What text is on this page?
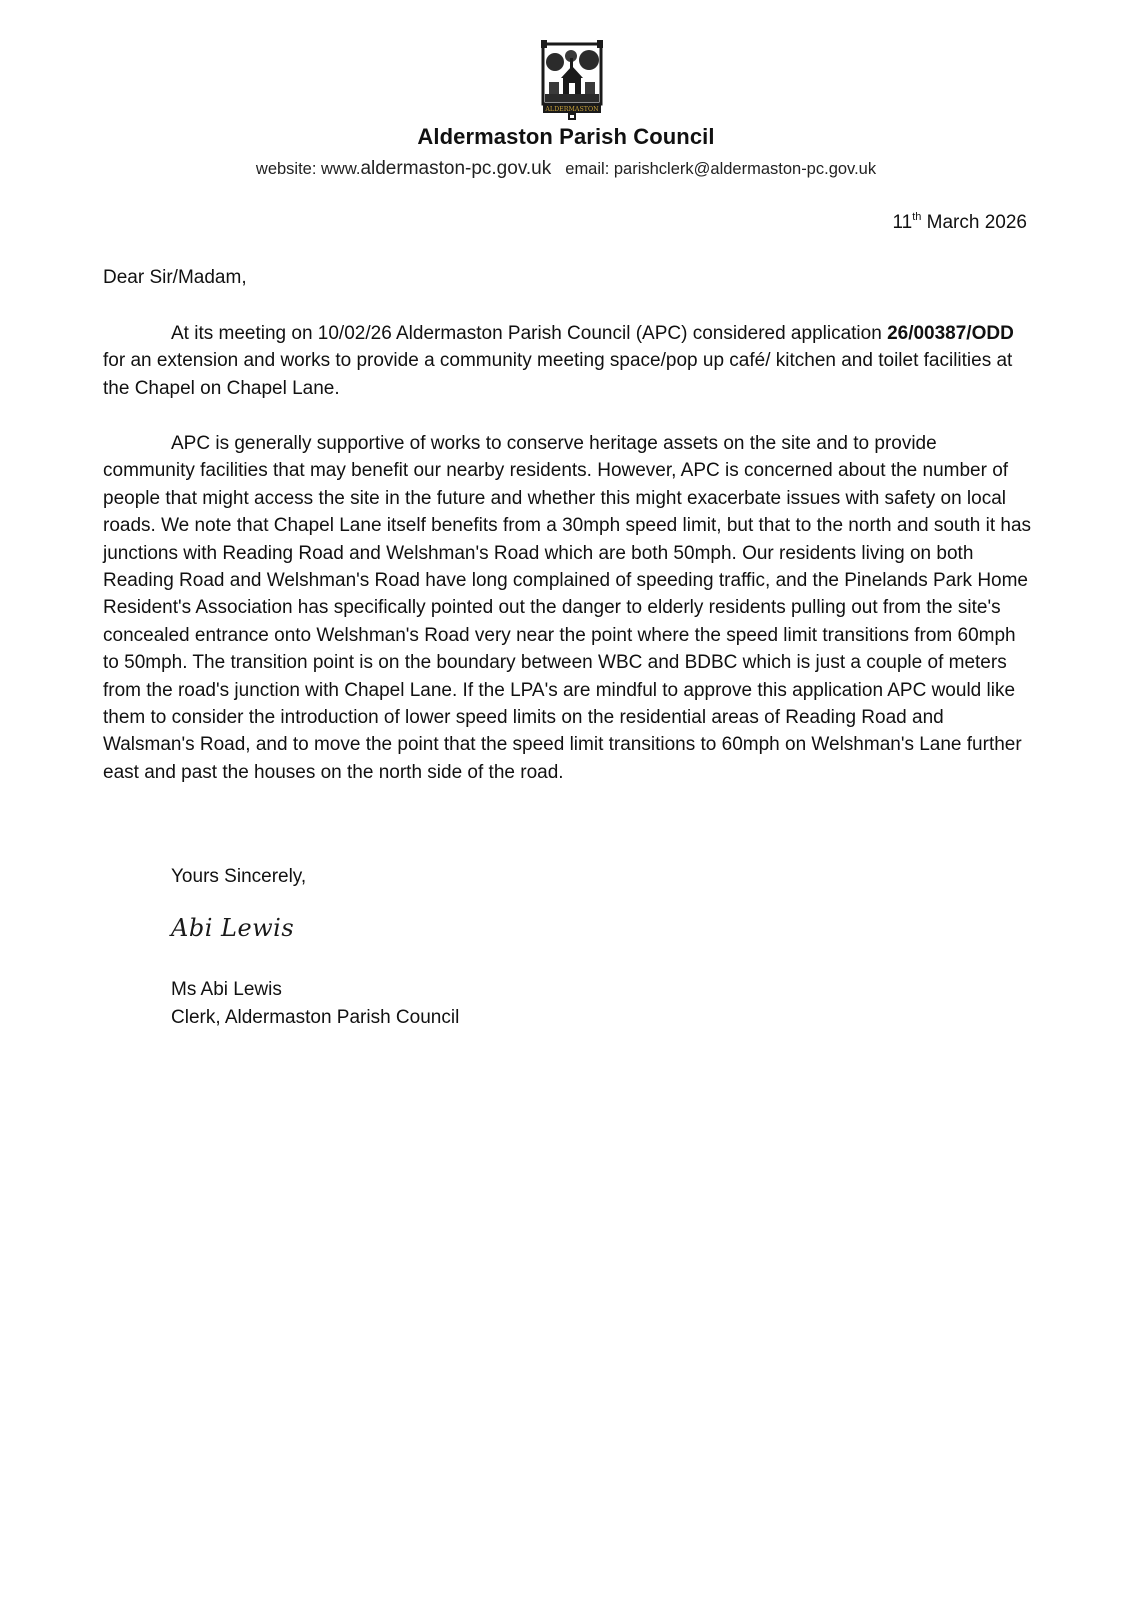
ALDERMASTON
Aldermaston Parish Council
website: www.aldermaston-pc.gov.uk email: parishclerk@aldermaston-pc.gov.uk
11th March 2026
Dear Sir/Madam,

At its meeting on 10/02/26 Aldermaston Parish Council (APC) considered application 26/00387/ODD for an extension and works to provide a community meeting space/pop up café/ kitchen and toilet facilities at the Chapel on Chapel Lane.

APC is generally supportive of works to conserve heritage assets on the site and to provide community facilities that may benefit our nearby residents. However, APC is concerned about the number of people that might access the site in the future and whether this might exacerbate issues with safety on local roads. We note that Chapel Lane itself benefits from a 30mph speed limit, but that to the north and south it has junctions with Reading Road and Welshman's Road which are both 50mph. Our residents living on both Reading Road and Welshman's Road have long complained of speeding traffic, and the Pinelands Park Home Resident's Association has specifically pointed out the danger to elderly residents pulling out from the site's concealed entrance onto Welshman's Road very near the point where the speed limit transitions from 60mph to 50mph. The transition point is on the boundary between WBC and BDBC which is just a couple of meters from the road's junction with Chapel Lane. If the LPA's are mindful to approve this application APC would like them to consider the introduction of lower speed limits on the residential areas of Reading Road and Walsman's Road, and to move the point that the speed limit transitions to 60mph on Welshman's Lane further east and past the houses on the north side of the road.

Yours Sincerely,
Abi Lewis
Ms Abi Lewis
Clerk, Aldermaston Parish Council
